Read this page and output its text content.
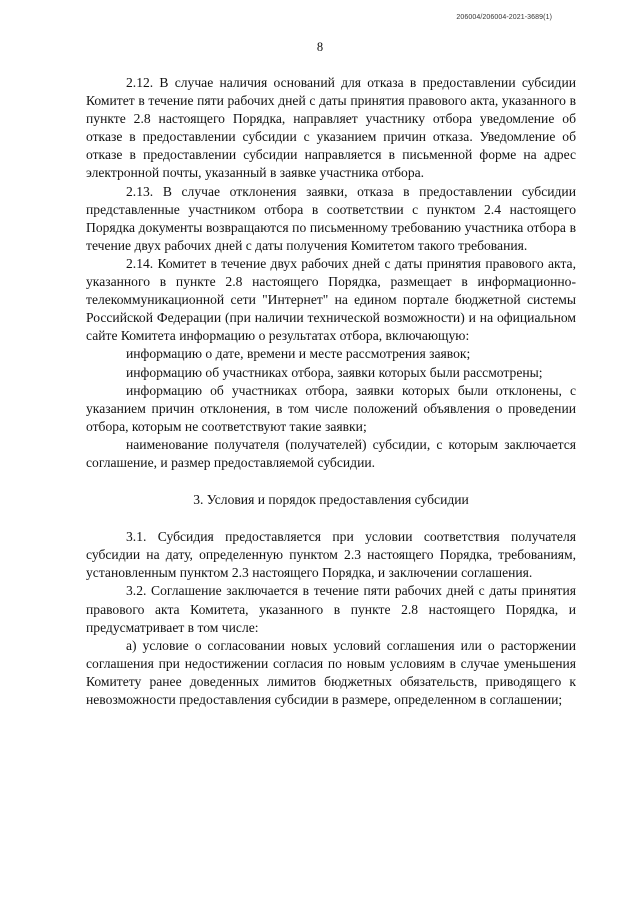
206004/206004-2021-3689(1)
8

2.12. В случае наличия оснований для отказа в предоставлении субсидии Комитет в течение пяти рабочих дней с даты принятия правового акта, указанного в пункте 2.8 настоящего Порядка, направляет участнику отбора уведомление об отказе в предоставлении субсидии с указанием причин отказа. Уведомление об отказе в предоставлении субсидии направляется в письменной форме на адрес электронной почты, указанный в заявке участника отбора.

2.13. В случае отклонения заявки, отказа в предоставлении субсидии представленные участником отбора в соответствии с пунктом 2.4 настоящего Порядка документы возвращаются по письменному требованию участника отбора в течение двух рабочих дней с даты получения Комитетом такого требования.

2.14. Комитет в течение двух рабочих дней с даты принятия правового акта, указанного в пункте 2.8 настоящего Порядка, размещает в информационно-телекоммуникационной сети "Интернет" на едином портале бюджетной системы Российской Федерации (при наличии технической возможности) и на официальном сайте Комитета информацию о результатах отбора, включающую:

информацию о дате, времени и месте рассмотрения заявок;

информацию об участниках отбора, заявки которых были рассмотрены;

информацию об участниках отбора, заявки которых были отклонены, с указанием причин отклонения, в том числе положений объявления о проведении отбора, которым не соответствуют такие заявки;

наименование получателя (получателей) субсидии, с которым заключается соглашение, и размер предоставляемой субсидии.

3. Условия и порядок предоставления субсидии

3.1. Субсидия предоставляется при условии соответствия получателя субсидии на дату, определенную пунктом 2.3 настоящего Порядка, требованиям, установленным пунктом 2.3 настоящего Порядка, и заключении соглашения.

3.2. Соглашение заключается в течение пяти рабочих дней с даты принятия правового акта Комитета, указанного в пункте 2.8 настоящего Порядка, и предусматривает в том числе:

а) условие о согласовании новых условий соглашения или о расторжении соглашения при недостижении согласия по новым условиям в случае уменьшения Комитету ранее доведенных лимитов бюджетных обязательств, приводящего к невозможности предоставления субсидии в размере, определенном в соглашении;
